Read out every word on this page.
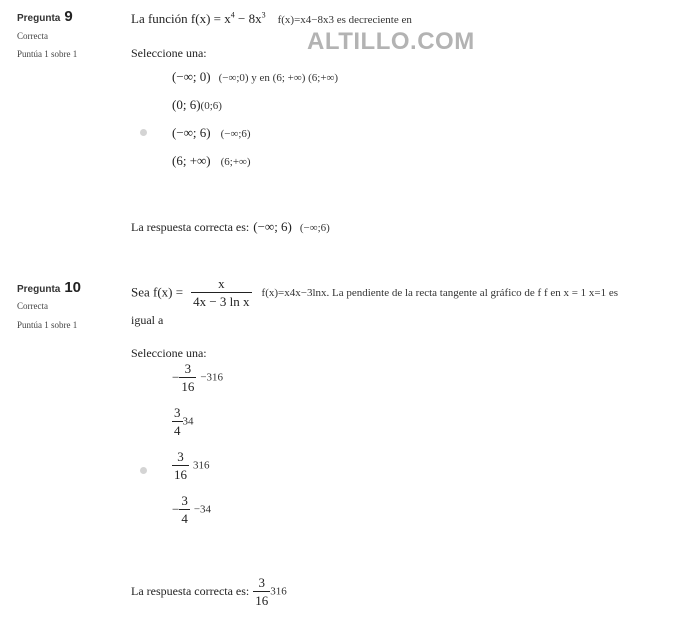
ALTILLO.COM
Pregunta 9
Correcta
Puntúa 1 sobre 1
La función $f(x) = x^4 - 8x^3$ f(x)=x4−8x3 es decreciente en
Seleccione una:
(−∞; 0) (−∞;0) y en (6; +∞) (6;+∞)
(0; 6)(0;6)
(−∞; 6) (−∞;6)
(6; +∞) (6;+∞)
La respuesta correcta es: (−∞; 6) (−∞;6)
Pregunta 10
Correcta
Puntúa 1 sobre 1
Sea $f(x) = \frac{x}{\text{4x − 3 ln x}} f(x)=x4x-3\ln x$. La pendiente de la recta tangente al gráfico de f f en x = 1 x=1 es
igual a
Seleccione una:
− $\frac{3}{16} -316$
$\frac{3}{4} 34$
$\frac{3}{16} 316$
− $\frac{3}{4} -34$
La respuesta correcta es: $\frac{3}{16} 316$
